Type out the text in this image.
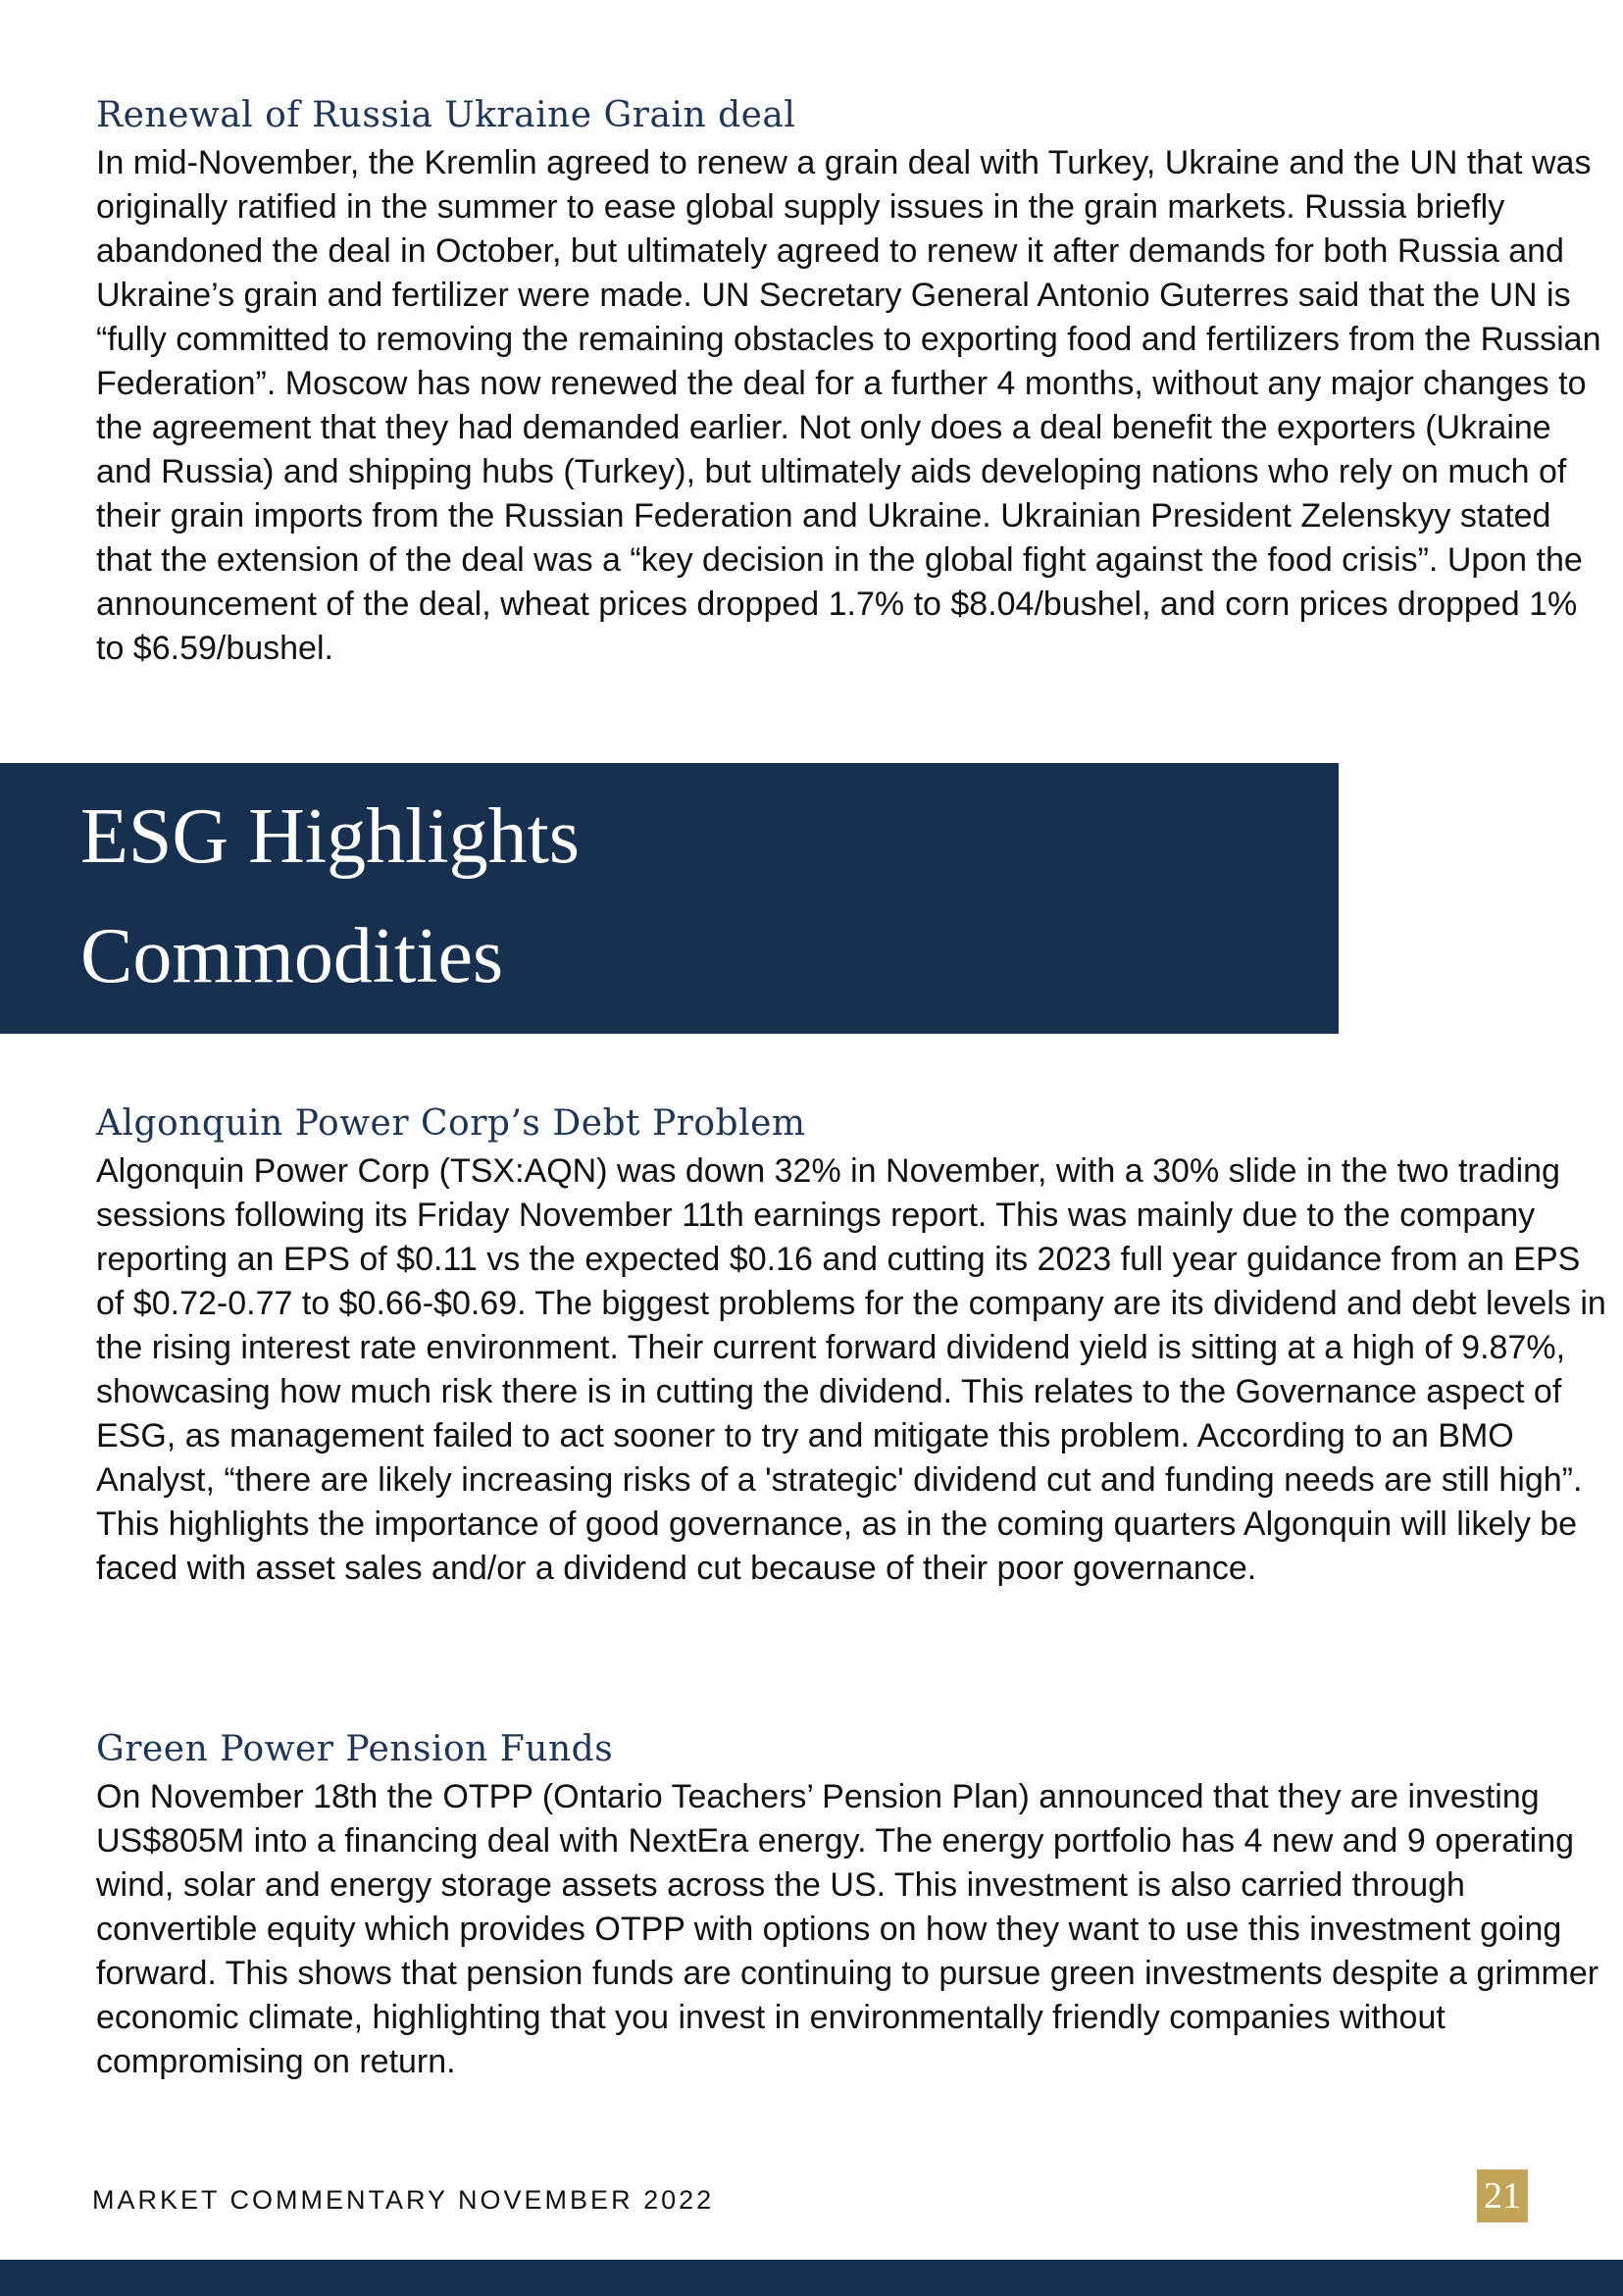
Renewal of Russia Ukraine Grain deal

In mid-November, the Kremlin agreed to renew a grain deal with Turkey, Ukraine and the UN that was originally ratified in the summer to ease global supply issues in the grain markets. Russia briefly abandoned the deal in October, but ultimately agreed to renew it after demands for both Russia and Ukraine’s grain and fertilizer were made. UN Secretary General Antonio Guterres said that the UN is “fully committed to removing the remaining obstacles to exporting food and fertilizers from the Russian Federation”. Moscow has now renewed the deal for a further 4 months, without any major changes to the agreement that they had demanded earlier. Not only does a deal benefit the exporters (Ukraine and Russia) and shipping hubs (Turkey), but ultimately aids developing nations who rely on much of their grain imports from the Russian Federation and Ukraine. Ukrainian President Zelenskyy stated that the extension of the deal was a “key decision in the global fight against the food crisis”. Upon the announcement of the deal, wheat prices dropped 1.7% to $8.04/bushel, and corn prices dropped 1% to $6.59/bushel.

ESG Highlights
Commodities
Algonquin Power Corp’s Debt Problem

Algonquin Power Corp (TSX:AQN) was down 32% in November, with a 30% slide in the two trading sessions following its Friday November 11th earnings report. This was mainly due to the company reporting an EPS of $0.11 vs the expected $0.16 and cutting its 2023 full year guidance from an EPS of $0.72-0.77 to $0.66-$0.69. The biggest problems for the company are its dividend and debt levels in the rising interest rate environment. Their current forward dividend yield is sitting at a high of 9.87%, showcasing how much risk there is in cutting the dividend. This relates to the Governance aspect of ESG, as management failed to act sooner to try and mitigate this problem. According to an BMO Analyst, “there are likely increasing risks of a 'strategic' dividend cut and funding needs are still high”. This highlights the importance of good governance, as in the coming quarters Algonquin will likely be faced with asset sales and/or a dividend cut because of their poor governance.

Green Power Pension Funds

On November 18th the OTPP (Ontario Teachers’ Pension Plan) announced that they are investing US$805M into a financing deal with NextEra energy. The energy portfolio has 4 new and 9 operating wind, solar and energy storage assets across the US. This investment is also carried through convertible equity which provides OTPP with options on how they want to use this investment going forward. This shows that pension funds are continuing to pursue green investments despite a grimmer economic climate, highlighting that you invest in environmentally friendly companies without compromising on return.

MARKET COMMENTARY NOVEMBER 2022	21
